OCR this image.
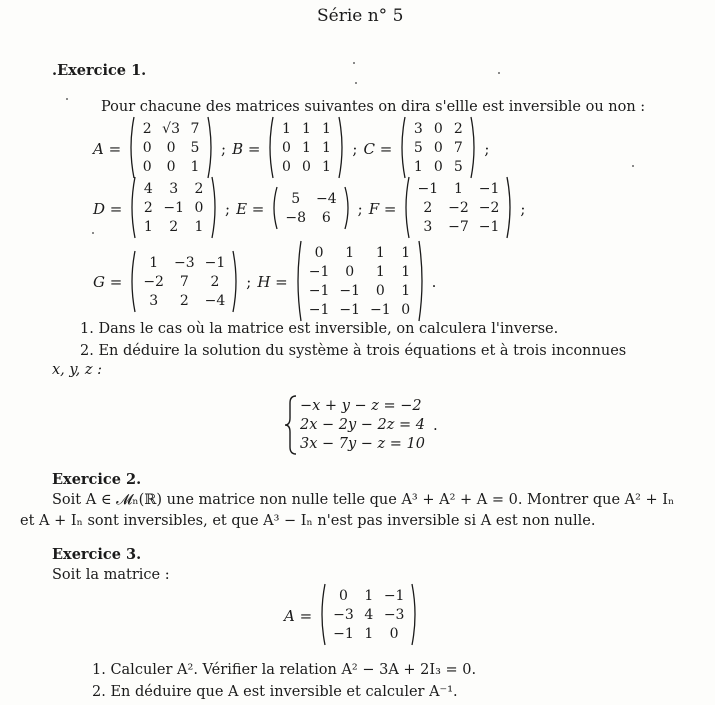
Série n° 5
.Exercice 1.
Pour chacune des matrices suivantes on dira s'ellle est inversible ou non :
A =
2 √3 7
0	0	5
0	0	1
; B =
1 1 1
0 1 1
0 0 1
; C =
3 0 2
5 0 7
1 0 5
;
D =
4	3	2
2 −1 0
1	2	1
; E =
5	−4
−8	6	; F =
−1	1	−1
2	−2 −2
3	−7 −1
;
G =
1	−3 −1
−2	7	2
3	2	−4
; H =
0	1	1	1
−1	0	1	1
−1 −1	0	1
−1 −1 −1 0
.
1. Dans le cas où la matrice est inversible, on calculera l'inverse.
2. En déduire la solution du système à trois équations et à trois inconnues
x, y, z :
−x + y − z = −2
2x − 2y − 2z = 4
3x − 7y − z = 10
.
Exercice 2.
Soit A ∈ 𝓜ₙ(ℝ) une matrice non nulle telle que A³ + A² + A = 0. Montrer que A² + Iₙ
et A + Iₙ sont inversibles, et que A³ − Iₙ n'est pas inversible si A est non nulle.
Exercice 3.
Soit la matrice :
A =
0	1 −1
−3 4 −3
−1 1	0
1. Calculer A². Vérifier la relation A² − 3A + 2I₃ = 0.
2. En déduire que A est inversible et calculer A⁻¹.
